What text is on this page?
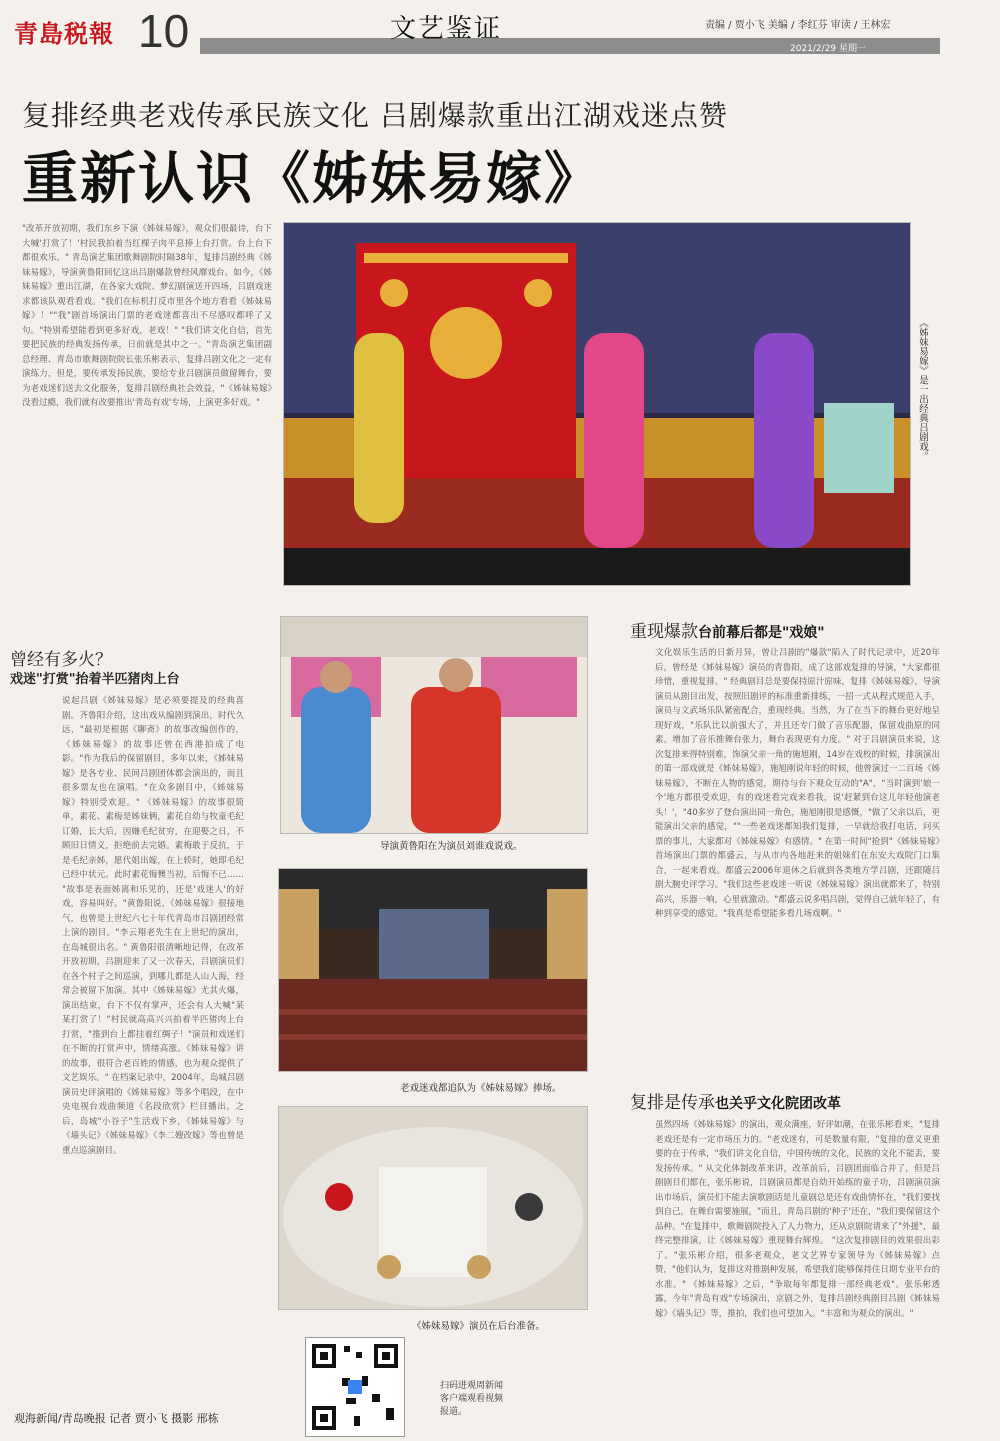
青島税報 10	文艺鉴证	责编 / 贾小飞 美编 / 李红芬 审读 / 王林宏
2021/2/29 星期一
复排经典老戏传承民族文化 吕剧爆款重出江湖戏迷点赞
重新认识《姊妹易嫁》
"改革开放初期，我们东乡下演《姊妹易嫁》，观众们很最诗，台下大喊'打赏了！'村民我拍着当红棵子肉平息捧上台打赏。台上台下都很欢乐。" 青岛演艺集团歌舞剧院时隔38年，复排吕剧经典《姊妹易嫁》，导演黄鲁阳回忆这出吕剧爆款曾经风靡戏台。如今，《姊妹易嫁》重出江湖，在各家大戏院、梦幻剧演送开四场，吕剧戏迷求都该队观看看戏。"我们在标机打反市里各个地方看看《姊妹易嫁》！""我"剧首场演出门票的老戏迷都喜出不尽感叹都呼了又句。"特别希望能看到更多好戏，老戏！" "我们讲文化自信，首先要把民族的经典发扬传承，日前就是其中之一。"青岛演艺集团副总经理、青岛市歌舞剧院院长张乐彬表示，复排吕剧文化之一定有演练力，但是，要传承发扬民族，要给专业吕剧演员做留舞台，要为老戏迷们送去文化服务，复排吕剧经典社会效益，"《姊妹易嫁》没看过瘾，我们就有改要推出'青岛有戏'专场，上演更多好戏。"	《姊妹易嫁》是一出经典吕剧戏。
曾经有多火？
戏迷"打赏"抬着半匹猪肉上台
说起吕剧《姊妹易嫁》是必须要提及的经典喜剧。齐鲁阳介绍，这出戏从编剧到演出，时代久远，"最初是根据《聊斋》的故事改编创作的，《姊妹易嫁》的故事还曾在西港拍成了电影。"作为我后的保留剧目，多年以来，《姊妹易嫁》是各专业、民间吕剧团体都会演出的，而且很多票友也在演唱。"在众多剧目中，《姊妹易嫁》特别受欢迎。" 《姊妹易嫁》的故事很简单，素花、素梅是姊妹俩，素花自幼与牧童毛纪订婚，长大后，因嫌毛纪贫穷，在迎娶之日，不顾旧日情义，拒绝前去完婚。素梅敢于反抗，于是毛纪亲姊，愿代姐出嫁，在上轿时，她即毛纪已经中状元。此时素花悔懊当初，后悔不已…… "故事是表面姊离和乐见的，还是'戏迷人'的好戏，容易叫好。"黄鲁阳说，《姊妹易嫁》很接地气，也曾是上世纪六七十年代青岛市吕剧团经常上演的剧目。"李云翔老先生在上世纪的演出，在岛城很出名。" 黄鲁阳很清晰地记得，在改革开放初期，吕剧迎来了又一次春天，吕剧演员们在各个村子之间巡演，到哪儿都是人山人海，经常会被留下加演。其中《姊妹易嫁》尤其火爆，演出结束，台下不仅有掌声，还会有人大喊"某某打赏了！"村民就高高兴兴拍着半匹猪肉上台打赏，"推到台上都挂着红绸子！"演员和戏迷们在不断的打赏声中，情绪高涨。《姊妹易嫁》讲的故事，很符合老百姓的情感，也为观众提供了文艺娱乐。" 在档案记录中，2004年，岛城吕剧演员史评演唱的《姊妹易嫁》等多个唱段，在中央电视台戏曲频道《名段欣赏》栏目播出。之后，岛城"小谷子"生活戏下乡，《姊妹易嫁》与《墙头记》《姊妹易嫁》《李二嫂改嫁》等也曾是重点巡演剧目。
导演黄鲁阳在为演员刘谁戏说戏。
老戏迷戏都追队为《姊妹易嫁》捧场。
《姊妹易嫁》演员在后台准备。
扫码进观周新闻客户端观看视频报道。
重现爆款台前幕后都是"戏娘"
文化娱乐生活的日新月异，曾让吕剧的"爆款"陷入了时代记录中，近20年后，曾经是《姊妹易嫁》演员的青鲁阳，成了这部戏复排的导演，"大家都很珍惜，重视复排。" 经典剧目总是要保持原汁原味，复排《姊妹易嫁》，导演演员从剧目出发，按照旧剧评的标准重新排练，一招一式从程式规范入手，演员与文武场乐队紧密配合，重现经典。当然，为了在当下的舞台更好地呈现好戏，"乐队比以前强大了，并且还专门做了音乐配器，保留戏曲原的同素，增加了音乐推舞台张力，舞台表现更有力度。" 对于吕剧演员来说，这次复排来得特别难，饰演父亲一角的施旭刚，14岁在戏校的时候，排演演出的第一部戏就是《姊妹易嫁》，施旭刚说年轻的时候，他曾演过一二百场《姊妹易嫁》，不断在人物的感觉，期待与台下观众互动的"A"，"当时演到'娘一个'地方都很受欢迎，有的戏迷看完戏来看我，说'赶紧到台这儿年轻他演老头！'，"40多岁了登台演出同一角色，施旭刚很是感慨，"做了父亲以后，更能演出父亲的感觉，""一些老戏迷都知我们复排，一早就给我打电话，问买票的事儿，大家都对《姊妹易嫁》有感情。" 在第一时间"抢到"《姊妹易嫁》首场演出门票的都盛云，与从市内各地赶来的姐妹们在东安大戏院门口集合，一起来看戏。都盛云2006年退休之后就到各类地方学吕剧，还跟随吕剧大腕史评学习。"我们这些老戏迷一听说《姊妹易嫁》演出就都来了，特别高兴，乐器一响，心里就激动。"都盛云说多唱吕剧，觉得自己就年轻了，有种到享受的感觉。"我真是希望能多看几场戏啊。"
复排是传承也关乎文化院团改革
虽然四场《姊妹易嫁》的演出，观众满座，好评如潮，在张乐彬看来，"复排老戏还是有一定市场压力的。"老戏迷有，可是数量有限，"复排的意义更重要的在于传承，"我们讲文化自信，中国传统的文化，民族的文化不能丢，要发扬传承。" 从文化体制改革来讲，改革前后，吕剧团面临合并了，但是吕剧剧目们都在，张乐彬说，吕剧演员都是自幼开始练的童子功，吕剧演员演出市场后，演员们不能去演歌剧话是儿童剧总是还有戏曲情怀在，"我们要找到自己，在舞台需要施展，"而且，青岛吕剧的'种子'还在，"我们要保留这个品种。"在复排中，歌舞剧院投入了人力物力，还从京剧院请来了"外援"，最终完整排演，让《姊妹易嫁》重现舞台辉煌。 "这次复排剧目的效果很出彩了。"张乐彬介绍，很多老观众，老文艺界专家领导为《姊妹易嫁》点赞，"他们认为，复排这对推剧种发展，希望我们能够保持住日期专业平台的水准。" 《姊妹易嫁》之后，"争取每年都复排一部经典老戏"。张乐彬透露，今年"青岛有戏"专场演出，京剧之外，复排吕剧经典剧目吕剧《姊妹易嫁》《墙头记》等，推拍，我们也可望加入。"丰富和为观众的演出。"
观海新闻/青岛晚报 记者 贾小飞 摄影 邢栋
